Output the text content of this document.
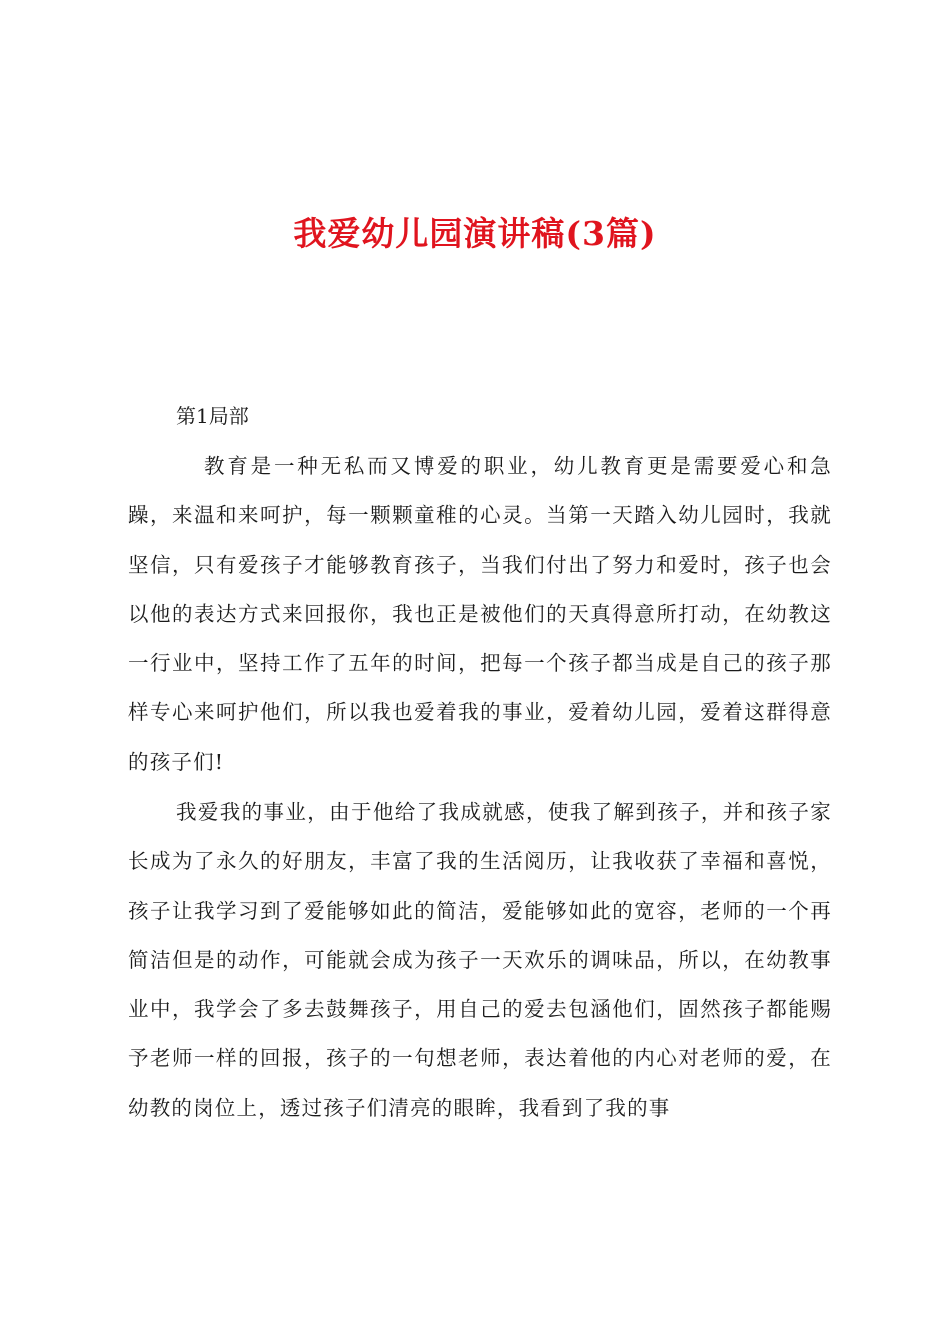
我爱幼儿园演讲稿(3篇)

第1局部

教育是一种无私而又博爱的职业，幼儿教育更是需要爱心和急躁，来温和来呵护，每一颗颗童稚的心灵。当第一天踏入幼儿园时，我就坚信，只有爱孩子才能够教育孩子，当我们付出了努力和爱时，孩子也会以他的表达方式来回报你，我也正是被他们的天真得意所打动，在幼教这一行业中，坚持工作了五年的时间，把每一个孩子都当成是自己的孩子那样专心来呵护他们，所以我也爱着我的事业，爱着幼儿园，爱着这群得意的孩子们!

我爱我的事业，由于他给了我成就感，使我了解到孩子，并和孩子家长成为了永久的好朋友，丰富了我的生活阅历，让我收获了幸福和喜悦，孩子让我学习到了爱能够如此的简洁，爱能够如此的宽容，老师的一个再简洁但是的动作，可能就会成为孩子一天欢乐的调味品，所以，在幼教事业中，我学会了多去鼓舞孩子，用自己的爱去包涵他们，固然孩子都能赐予老师一样的回报，孩子的一句想老师，表达着他的内心对老师的爱，在幼教的岗位上，透过孩子们清亮的眼眸，我看到了我的事
